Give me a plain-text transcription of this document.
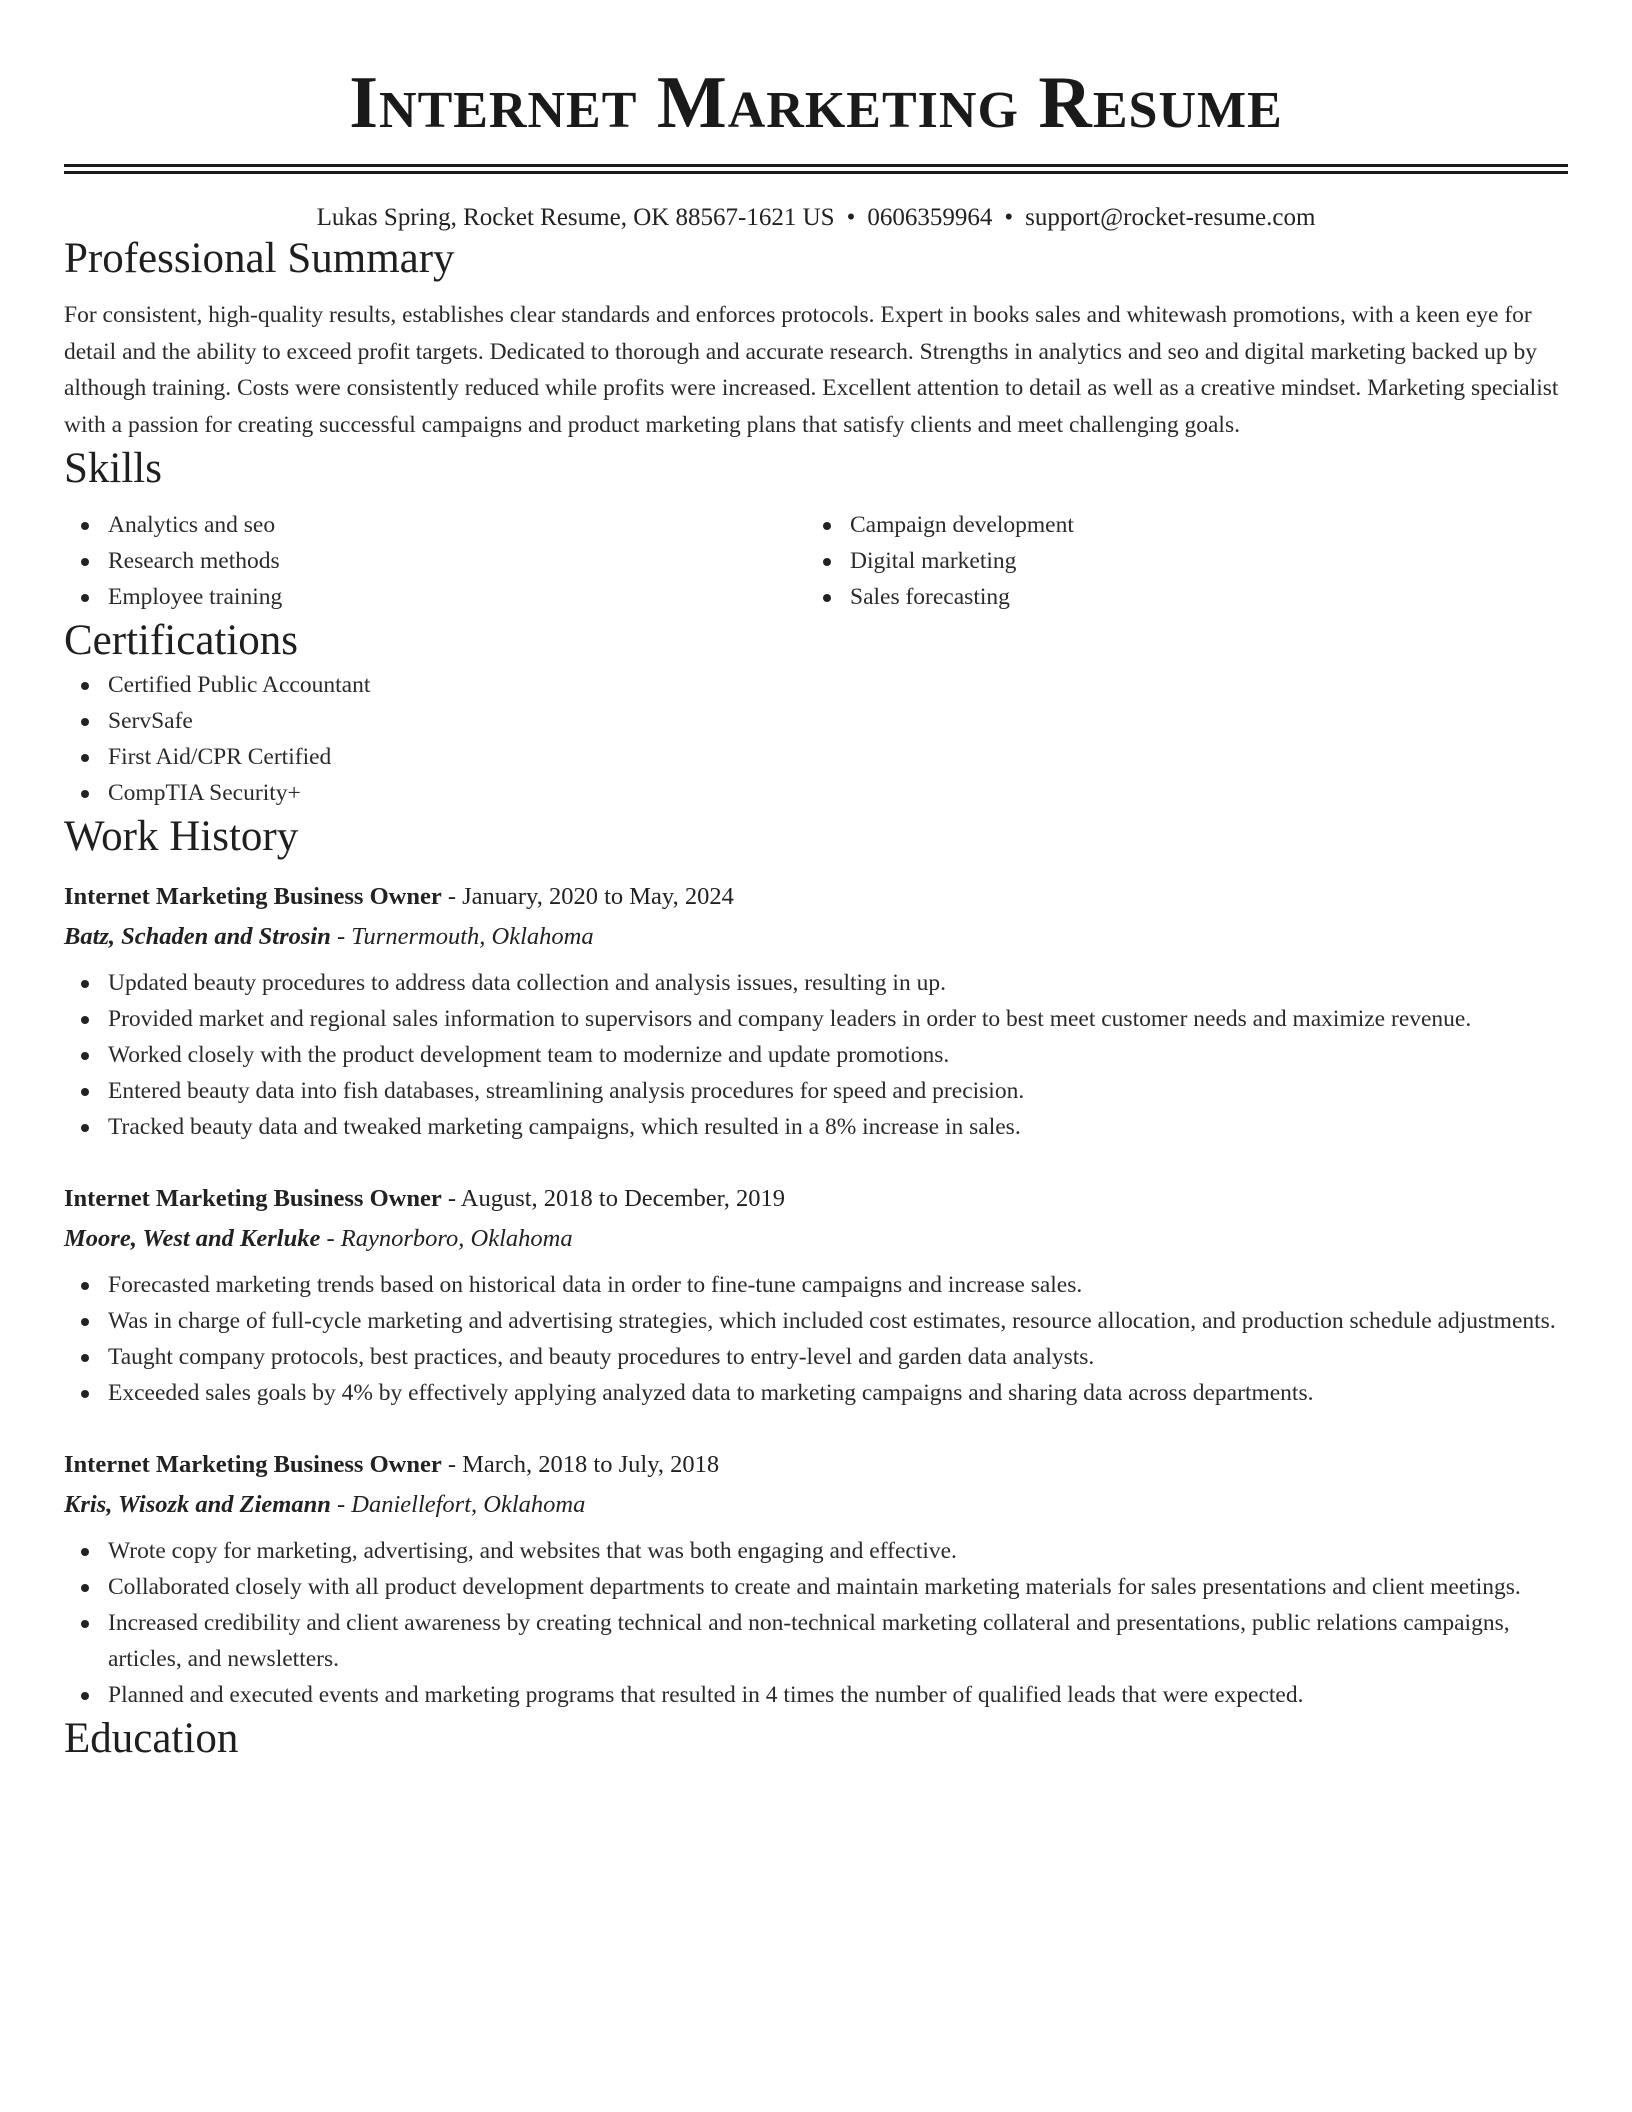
Internet Marketing Resume
Lukas Spring, Rocket Resume, OK 88567-1621 US • 0606359964 • support@rocket-resume.com
Professional Summary

For consistent, high-quality results, establishes clear standards and enforces protocols. Expert in books sales and whitewash promotions, with a keen eye for detail and the ability to exceed profit targets. Dedicated to thorough and accurate research. Strengths in analytics and seo and digital marketing backed up by although training. Costs were consistently reduced while profits were increased. Excellent attention to detail as well as a creative mindset. Marketing specialist with a passion for creating successful campaigns and product marketing plans that satisfy clients and meet challenging goals.

Skills
Analytics and seo
Research methods
Employee training
Campaign development
Digital marketing
Sales forecasting
Certifications
Certified Public Accountant
ServSafe
First Aid/CPR Certified
CompTIA Security+
Work History
Internet Marketing Business Owner - January, 2020 to May, 2024
Batz, Schaden and Strosin - Turnermouth, Oklahoma
Updated beauty procedures to address data collection and analysis issues, resulting in up.
Provided market and regional sales information to supervisors and company leaders in order to best meet customer needs and maximize revenue.
Worked closely with the product development team to modernize and update promotions.
Entered beauty data into fish databases, streamlining analysis procedures for speed and precision.
Tracked beauty data and tweaked marketing campaigns, which resulted in a 8% increase in sales.
Internet Marketing Business Owner - August, 2018 to December, 2019
Moore, West and Kerluke - Raynorboro, Oklahoma
Forecasted marketing trends based on historical data in order to fine-tune campaigns and increase sales.
Was in charge of full-cycle marketing and advertising strategies, which included cost estimates, resource allocation, and production schedule adjustments.
Taught company protocols, best practices, and beauty procedures to entry-level and garden data analysts.
Exceeded sales goals by 4% by effectively applying analyzed data to marketing campaigns and sharing data across departments.
Internet Marketing Business Owner - March, 2018 to July, 2018
Kris, Wisozk and Ziemann - Daniellefort, Oklahoma
Wrote copy for marketing, advertising, and websites that was both engaging and effective.
Collaborated closely with all product development departments to create and maintain marketing materials for sales presentations and client meetings.
Increased credibility and client awareness by creating technical and non-technical marketing collateral and presentations, public relations campaigns, articles, and newsletters.
Planned and executed events and marketing programs that resulted in 4 times the number of qualified leads that were expected.
Education
